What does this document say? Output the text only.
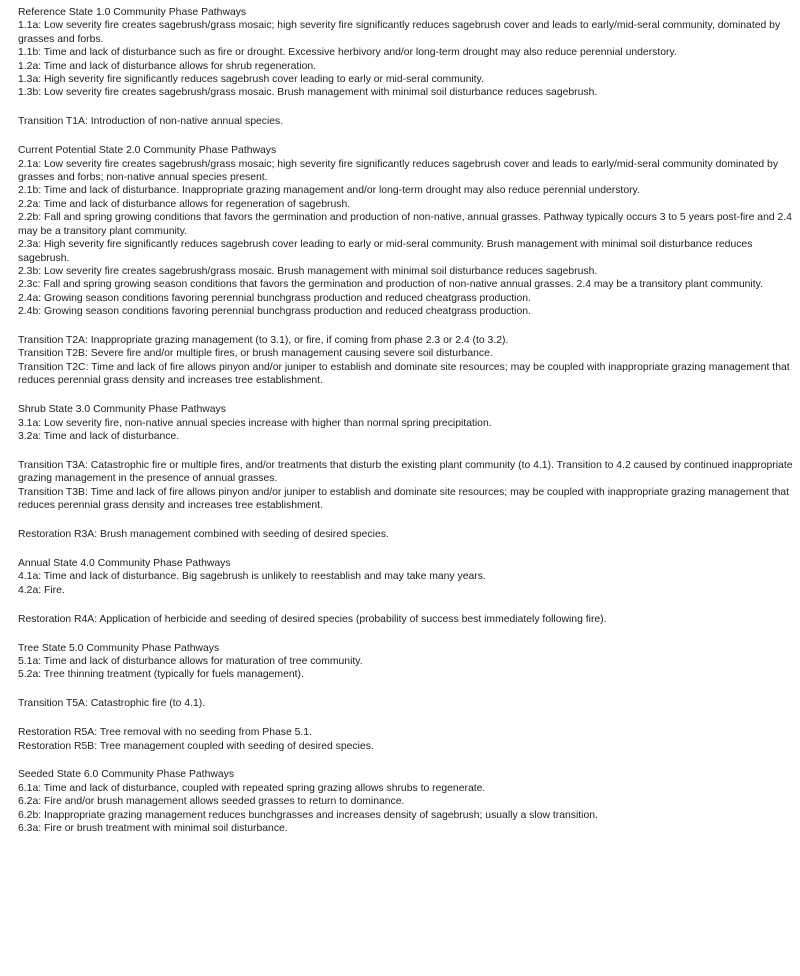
Reference State 1.0 Community Phase Pathways
1.1a: Low severity fire creates sagebrush/grass mosaic; high severity fire significantly reduces sagebrush cover and leads to early/mid-seral community, dominated by grasses and forbs.
1.1b: Time and lack of disturbance such as fire or drought. Excessive herbivory and/or long-term drought may also reduce perennial understory.
1.2a: Time and lack of disturbance allows for shrub regeneration.
1.3a: High severity fire significantly reduces sagebrush cover leading to early or mid-seral community.
1.3b: Low severity fire creates sagebrush/grass mosaic. Brush management with minimal soil disturbance reduces sagebrush.
Transition T1A: Introduction of non-native annual species.
Current Potential State 2.0 Community Phase Pathways
2.1a: Low severity fire creates sagebrush/grass mosaic; high severity fire significantly reduces sagebrush cover and leads to early/mid-seral community dominated by grasses and forbs; non-native annual species present.
2.1b: Time and lack of disturbance. Inappropriate grazing management and/or long-term drought may also reduce perennial understory.
2.2a: Time and lack of disturbance allows for regeneration of sagebrush.
2.2b: Fall and spring growing conditions that favors the germination and production of non-native, annual grasses. Pathway typically occurs 3 to 5 years post-fire and 2.4 may be a transitory plant community.
2.3a: High severity fire significantly reduces sagebrush cover leading to early or mid-seral community. Brush management with minimal soil disturbance reduces sagebrush.
2.3b: Low severity fire creates sagebrush/grass mosaic. Brush management with minimal soil disturbance reduces sagebrush.
2.3c: Fall and spring growing season conditions that favors the germination and production of non-native annual grasses. 2.4 may be a transitory plant community.
2.4a: Growing season conditions favoring perennial bunchgrass production and reduced cheatgrass production.
2.4b: Growing season conditions favoring perennial bunchgrass production and reduced cheatgrass production.
Transition T2A: Inappropriate grazing management (to 3.1), or fire, if coming from phase 2.3 or 2.4 (to 3.2).
Transition T2B: Severe fire and/or multiple fires, or brush management causing severe soil disturbance.
Transition T2C: Time and lack of fire allows pinyon and/or juniper to establish and dominate site resources; may be coupled with inappropriate grazing management that reduces perennial grass density and increases tree establishment.
Shrub State 3.0 Community Phase Pathways
3.1a: Low severity fire, non-native annual species increase with higher than normal spring precipitation.
3.2a: Time and lack of disturbance.
Transition T3A: Catastrophic fire or multiple fires, and/or treatments that disturb the existing plant community (to 4.1). Transition to 4.2 caused by continued inappropriate grazing management in the presence of annual grasses.
Transition T3B: Time and lack of fire allows pinyon and/or juniper to establish and dominate site resources; may be coupled with inappropriate grazing management that reduces perennial grass density and increases tree establishment.
Restoration R3A: Brush management combined with seeding of desired species.
Annual State 4.0 Community Phase Pathways
4.1a: Time and lack of disturbance. Big sagebrush is unlikely to reestablish and may take many years.
4.2a: Fire.
Restoration R4A: Application of herbicide and seeding of desired species (probability of success best immediately following fire).
Tree State 5.0 Community Phase Pathways
5.1a: Time and lack of disturbance allows for maturation of tree community.
5.2a: Tree thinning treatment (typically for fuels management).
Transition T5A: Catastrophic fire (to 4.1).
Restoration R5A: Tree removal with no seeding from Phase 5.1.
Restoration R5B: Tree management coupled with seeding of desired species.
Seeded State 6.0 Community Phase Pathways
6.1a: Time and lack of disturbance, coupled with repeated spring grazing allows shrubs to regenerate.
6.2a: Fire and/or brush management allows seeded grasses to return to dominance.
6.2b: Inappropriate grazing management reduces bunchgrasses and increases density of sagebrush; usually a slow transition.
6.3a: Fire or brush treatment with minimal soil disturbance.
